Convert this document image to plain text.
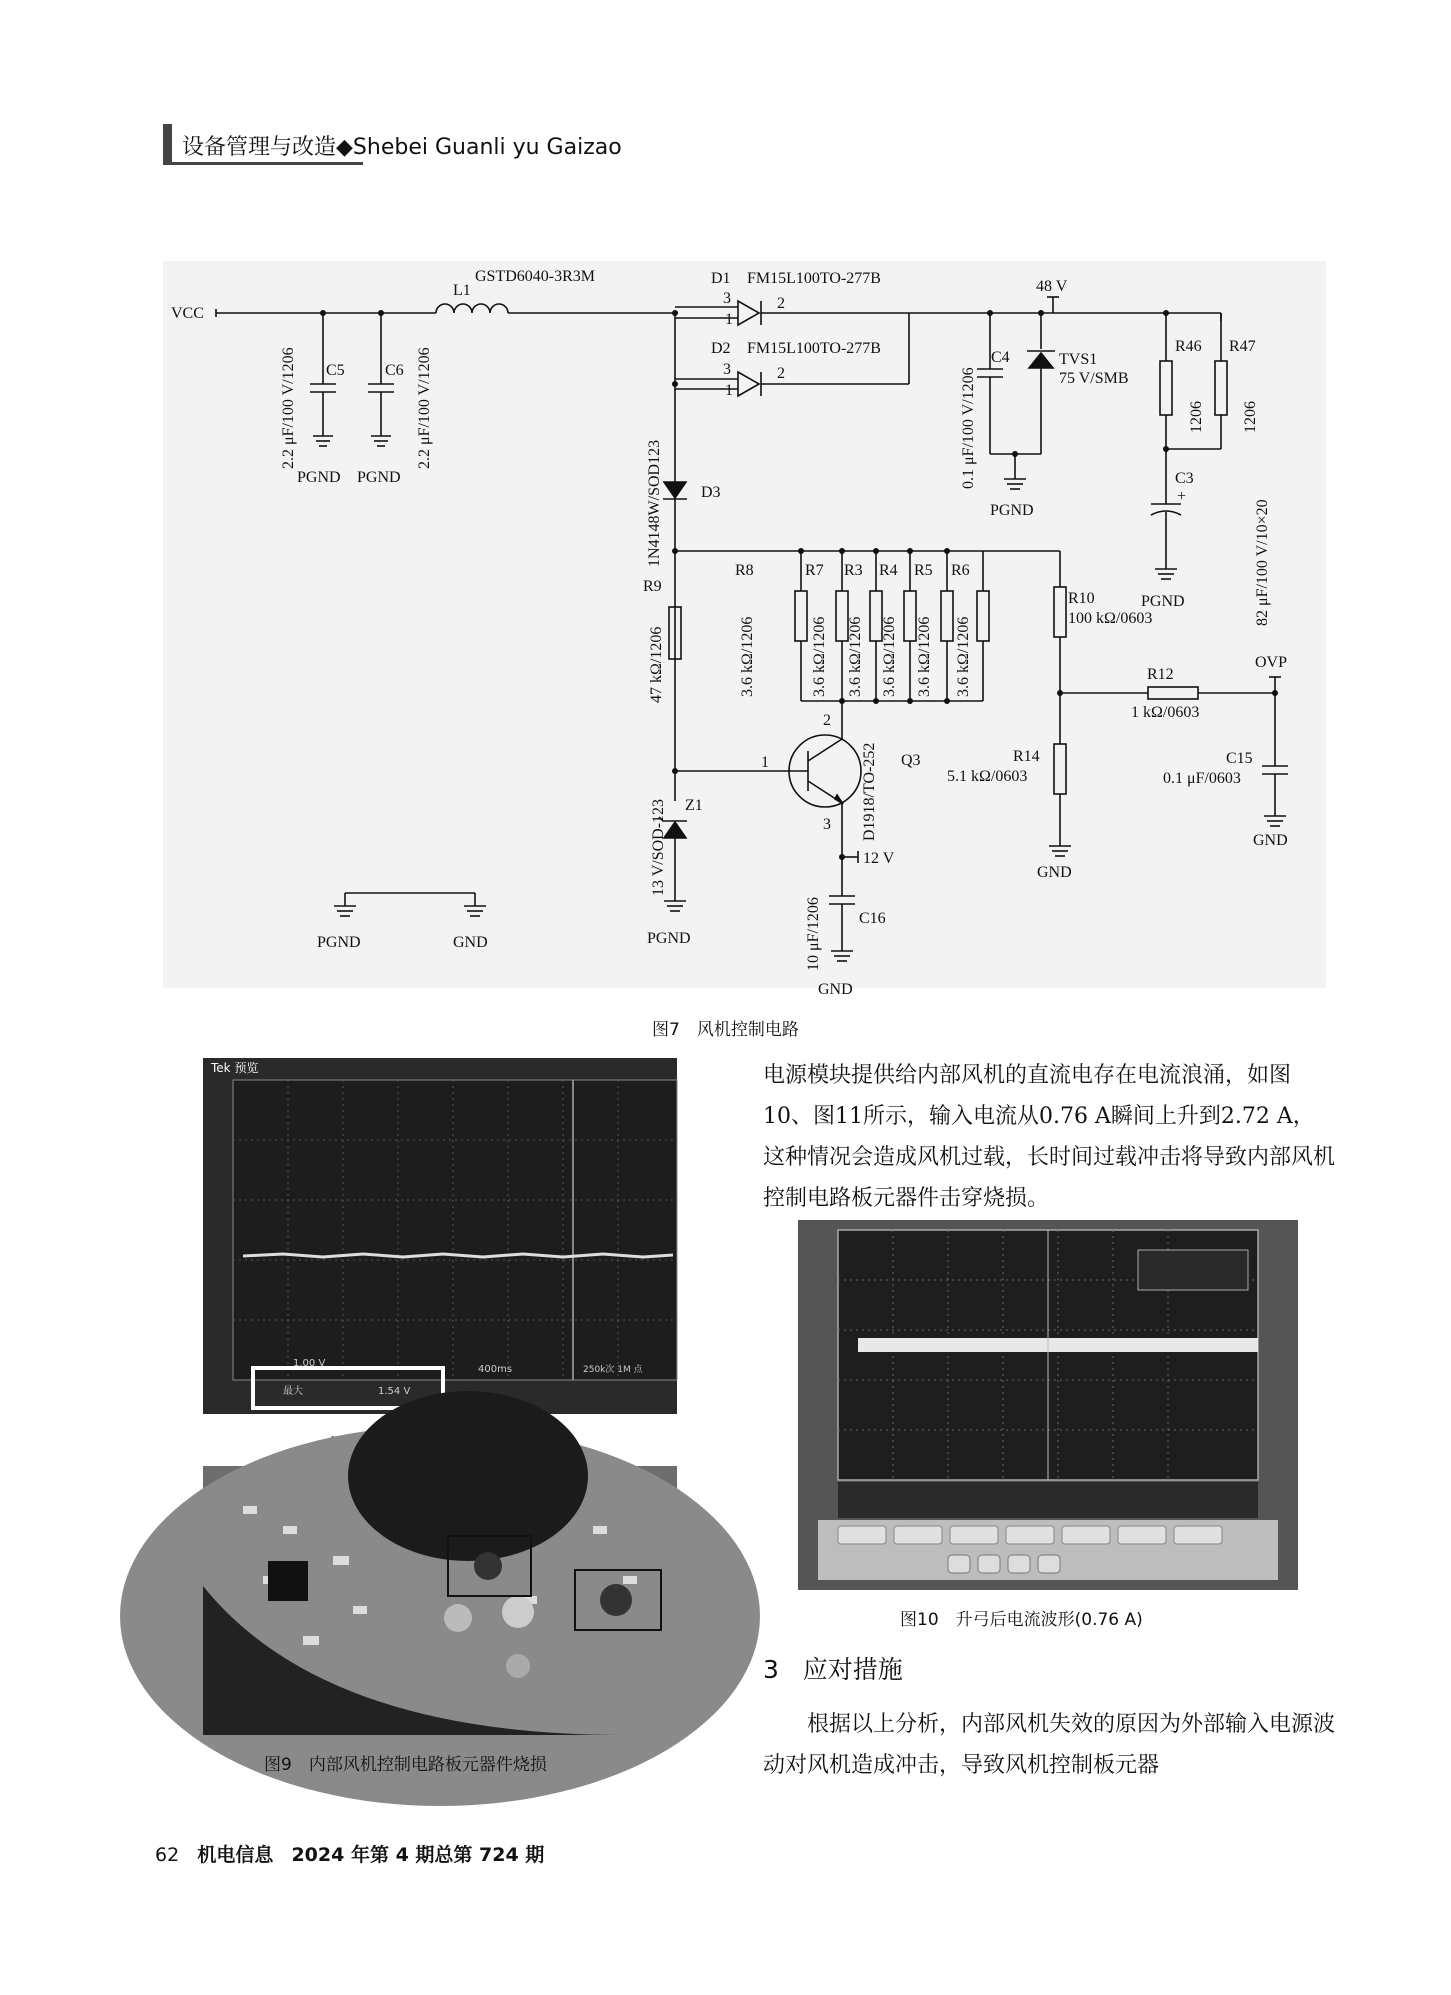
设备管理与改造◆Shebei Guanli yu Gaizao
VCC
L1
GSTD6040-3R3M	D1 FM15L100TO-277B
3
1
2
D2 FM15L100TO-277B
3
1
2
48 V
C4	TVS1
75 V/SMB
R46 R47
1206 1206
C3
+
82 μF/100 V/10×20
PGND
0.1 μF/100 V/1206
PGND
C5	C6
2.2 μF/100 V/1206	2.2 μF/100 V/1206
PGND PGND	1N4148W/SOD123 D3
R9
47 kΩ/1206
R8	R7 R3 R4 R5 R6
3.6 kΩ/1206	3.6 kΩ/1206 3.6 kΩ/1206 3.6 kΩ/1206 3.6 kΩ/1206 3.6 kΩ/1206
R10
100 kΩ/0603
R12
1 kΩ/0603
OVP
C15
0.1 μF/0603
GND
R14
5.1 kΩ/0603
GND
Q3
D1918/TO-252
1
2
3
12 V
C16
10 μF/1206
GND
Z1
13 V/SOD-123
PGND
PGND	GND
图7　风机控制电路
Tek 预览
1.00 V
400ms	250k次 1M 点
最大	1.54 V
图9　内部风机控制电路板元器件烧损
电源模块提供给内部风机的直流电存在电流浪涌，如图10、图11所示，输入电流从0.76 A瞬间上升到2.72 A，这种情况会造成风机过载，长时间过载冲击将导致内部风机控制电路板元器件击穿烧损。
图10　升弓后电流波形(0.76 A)
3 应对措施
根据以上分析，内部风机失效的原因为外部输入电源波动对风机造成冲击，导致风机控制板元器
62 机电信息 2024 年第 4 期总第 724 期
